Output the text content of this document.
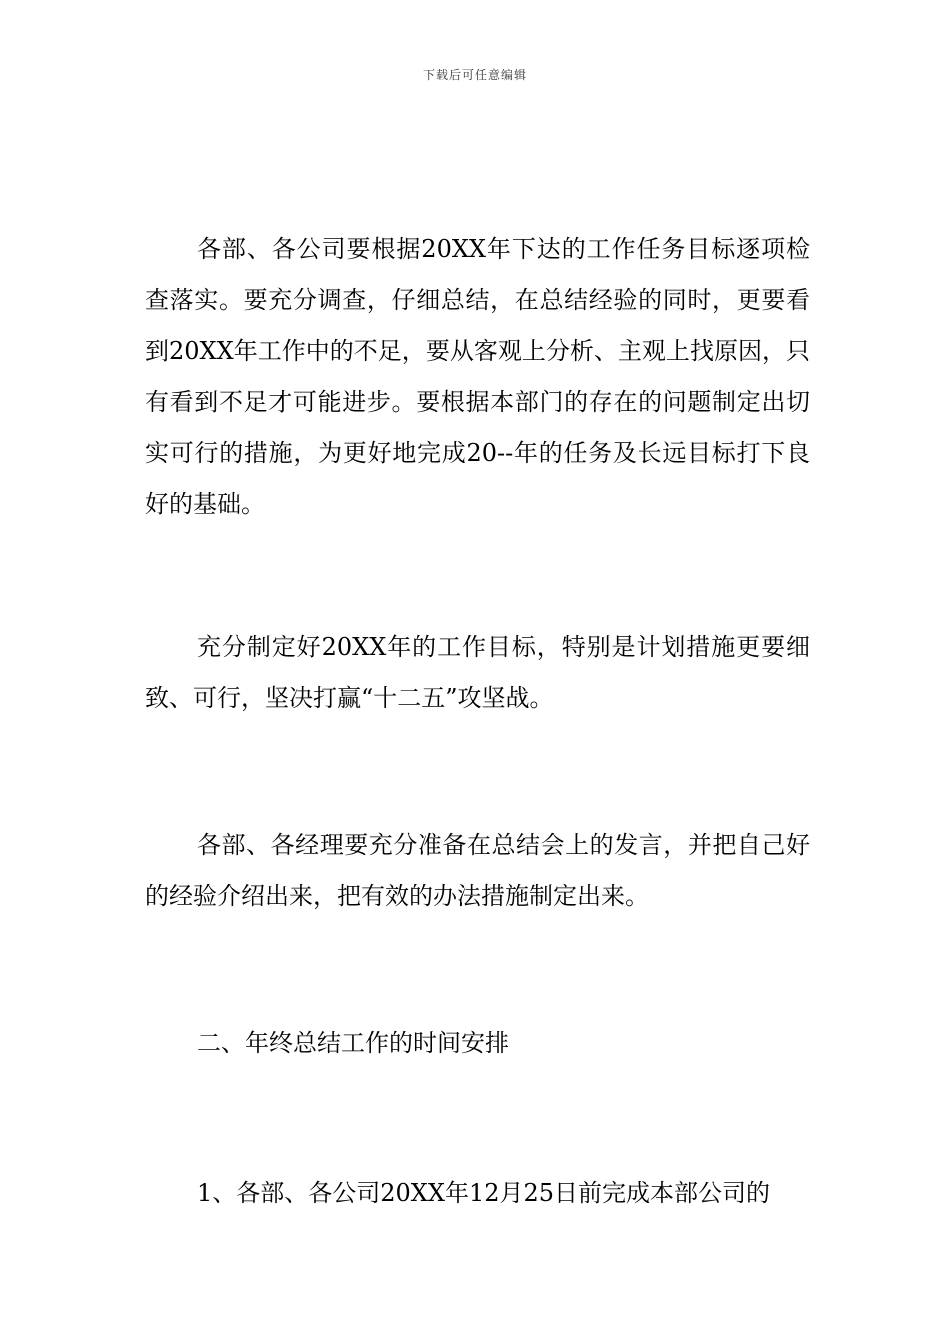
下载后可任意编辑

各部、各公司要根据20XX年下达的工作任务目标逐项检查落实。要充分调查，仔细总结，在总结经验的同时，更要看到20XX年工作中的不足，要从客观上分析、主观上找原因，只有看到不足才可能进步。要根据本部门的存在的问题制定出切实可行的措施，为更好地完成20--年的任务及长远目标打下良好的基础。

充分制定好20XX年的工作目标，特别是计划措施更要细致、可行，坚决打赢“十二五”攻坚战。

各部、各经理要充分准备在总结会上的发言，并把自己好的经验介绍出来，把有效的办法措施制定出来。

二、年终总结工作的时间安排

1、各部、各公司20XX年12月25日前完成本部公司的
